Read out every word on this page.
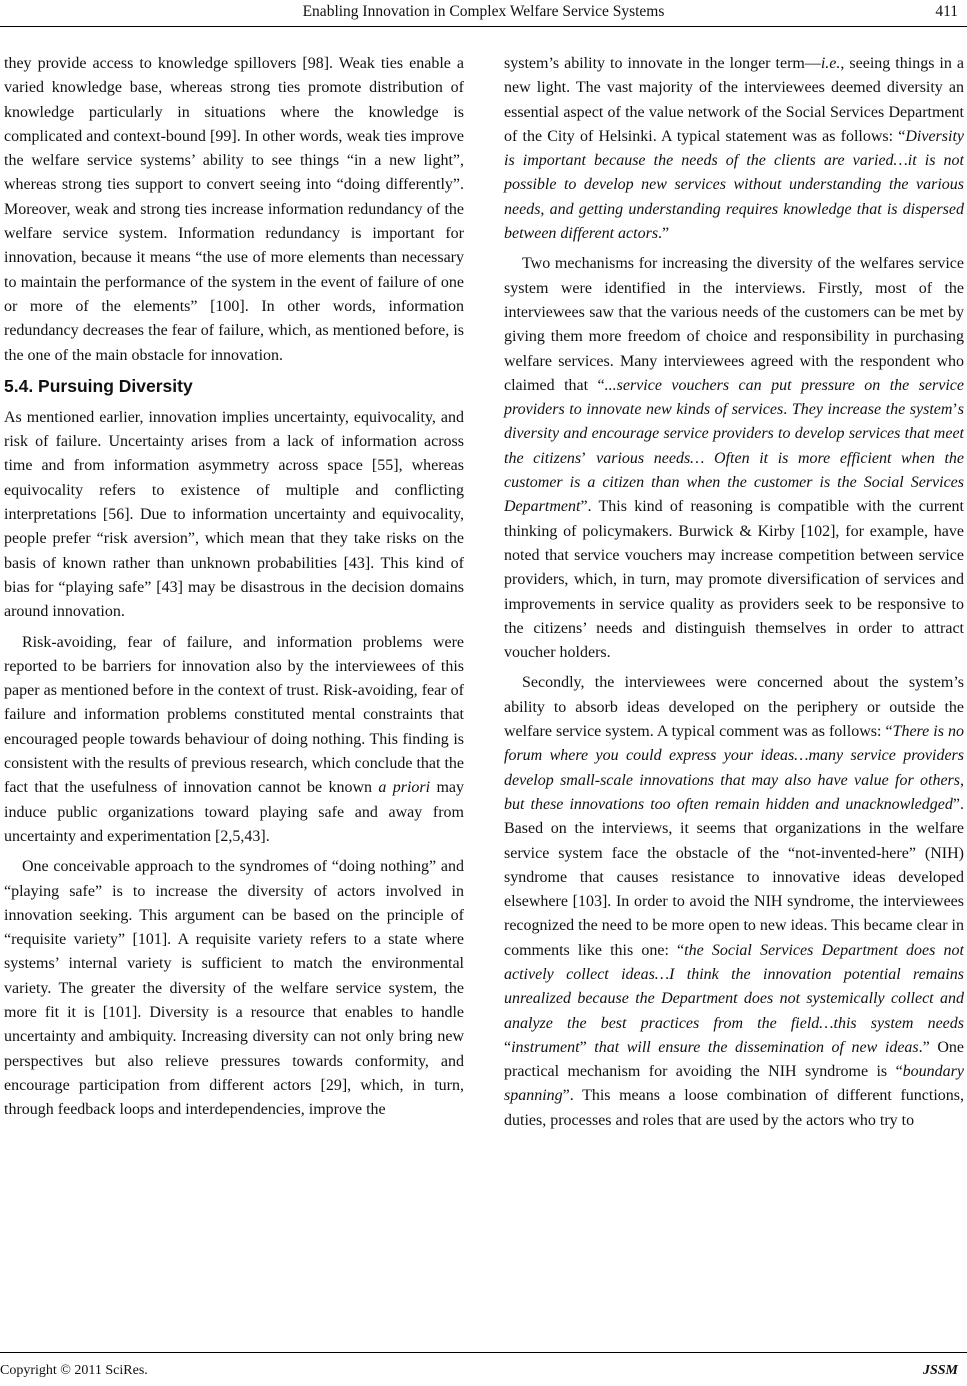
Enabling Innovation in Complex Welfare Service Systems	411

they provide access to knowledge spillovers [98]. Weak ties enable a varied knowledge base, whereas strong ties promote distribution of knowledge particularly in situations where the knowledge is complicated and context-bound [99]. In other words, weak ties improve the welfare service systems’ ability to see things “in a new light”, whereas strong ties support to convert seeing into “doing differently”. Moreover, weak and strong ties increase information redundancy of the welfare service system. Information redundancy is important for innovation, because it means “the use of more elements than necessary to maintain the performance of the system in the event of failure of one or more of the elements” [100]. In other words, information redundancy decreases the fear of failure, which, as mentioned before, is the one of the main obstacle for innovation.

5.4. Pursuing Diversity

As mentioned earlier, innovation implies uncertainty, equivocality, and risk of failure. Uncertainty arises from a lack of information across time and from information asymmetry across space [55], whereas equivocality refers to existence of multiple and conflicting interpretations [56]. Due to information uncertainty and equivocality, people prefer “risk aversion”, which mean that they take risks on the basis of known rather than unknown probabilities [43]. This kind of bias for “playing safe” [43] may be disastrous in the decision domains around innovation.

Risk-avoiding, fear of failure, and information problems were reported to be barriers for innovation also by the interviewees of this paper as mentioned before in the context of trust. Risk-avoiding, fear of failure and information problems constituted mental constraints that encouraged people towards behaviour of doing nothing. This finding is consistent with the results of previous research, which conclude that the fact that the usefulness of innovation cannot be known a priori may induce public organizations toward playing safe and away from uncertainty and experimentation [2,5,43].

One conceivable approach to the syndromes of “doing nothing” and “playing safe” is to increase the diversity of actors involved in innovation seeking. This argument can be based on the principle of “requisite variety” [101]. A requisite variety refers to a state where systems’ internal variety is sufficient to match the environmental variety. The greater the diversity of the welfare service system, the more fit it is [101]. Diversity is a resource that enables to handle uncertainty and ambiquity. Increasing diversity can not only bring new perspectives but also relieve pressures towards conformity, and encourage participation from different actors [29], which, in turn, through feedback loops and interdependencies, improve the

system’s ability to innovate in the longer term—i.e., seeing things in a new light. The vast majority of the interviewees deemed diversity an essential aspect of the value network of the Social Services Department of the City of Helsinki. A typical statement was as follows: “Diversity is important because the needs of the clients are varied…it is not possible to develop new services without understanding the various needs, and getting understanding requires knowledge that is dispersed between different actors.”

Two mechanisms for increasing the diversity of the welfares service system were identified in the interviews. Firstly, most of the interviewees saw that the various needs of the customers can be met by giving them more freedom of choice and responsibility in purchasing welfare services. Many interviewees agreed with the respondent who claimed that “...service vouchers can put pressure on the service providers to innovate new kinds of services. They increase the system’s diversity and encourage service providers to develop services that meet the citizens’ various needs… Often it is more efficient when the customer is a citizen than when the customer is the Social Services Department”. This kind of reasoning is compatible with the current thinking of policymakers. Burwick & Kirby [102], for example, have noted that service vouchers may increase competition between service providers, which, in turn, may promote diversification of services and improvements in service quality as providers seek to be responsive to the citizens’ needs and distinguish themselves in order to attract voucher holders.

Secondly, the interviewees were concerned about the system’s ability to absorb ideas developed on the periphery or outside the welfare service system. A typical comment was as follows: “There is no forum where you could express your ideas…many service providers develop small-scale innovations that may also have value for others, but these innovations too often remain hidden and unacknowledged”. Based on the interviews, it seems that organizations in the welfare service system face the obstacle of the “not-invented-here” (NIH) syndrome that causes resistance to innovative ideas developed elsewhere [103]. In order to avoid the NIH syndrome, the interviewees recognized the need to be more open to new ideas. This became clear in comments like this one: “the Social Services Department does not actively collect ideas…I think the innovation potential remains unrealized because the Department does not systemically collect and analyze the best practices from the field…this system needs “instrument” that will ensure the dissemination of new ideas.” One practical mechanism for avoiding the NIH syndrome is “boundary spanning”. This means a loose combination of different functions, duties, processes and roles that are used by the actors who try to

Copyright © 2011 SciRes.	JSSM
